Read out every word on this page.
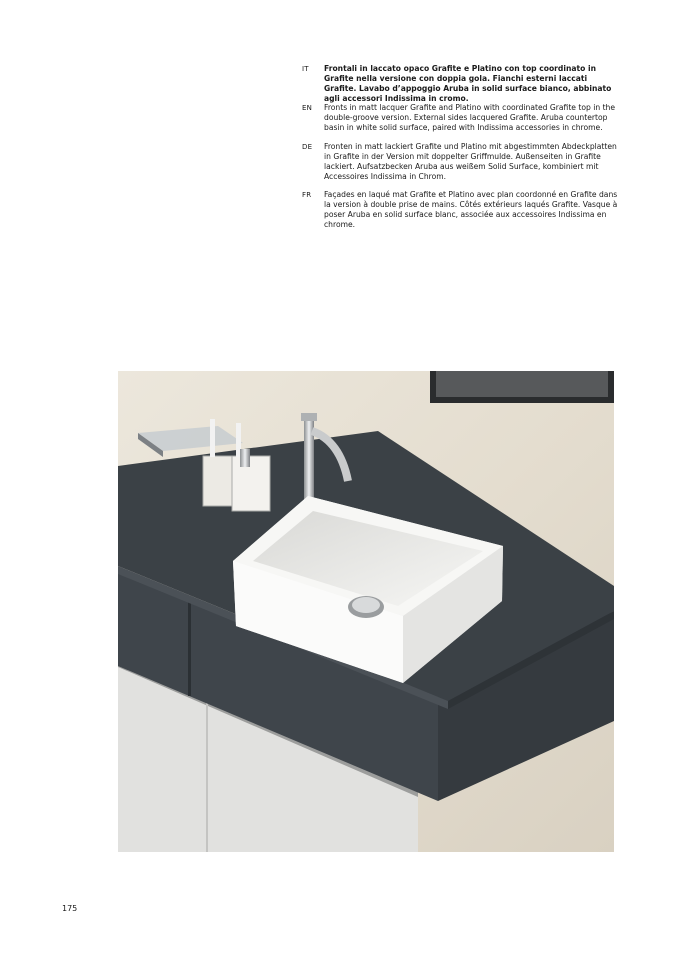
IT Frontali in laccato opaco Grafite e Platino con top coordinato in Grafite nella versione con doppia gola. Fianchi esterni laccati Grafite. Lavabo d’appoggio Aruba in solid surface bianco, abbinato agli accessori Indissima in cromo.
EN Fronts in matt lacquer Grafite and Platino with coordinated Grafite top in the double-groove version. External sides lacquered Grafite. Aruba countertop basin in white solid surface, paired with Indissima accessories in chrome.
DE Fronten in matt lackiert Grafite und Platino mit abgestimmten Abdeckplatten in Grafite in der Version mit doppelter Griffmulde. Außenseiten in Grafite lackiert. Aufsatzbecken Aruba aus weißem Solid Surface, kombiniert mit Accessoires Indissima in Chrom.
FR Façades en laqué mat Grafite et Platino avec plan coordonné en Grafite dans la version à double prise de mains. Côtés extérieurs laqués Grafite. Vasque à poser Aruba en solid surface blanc, associée aux accessoires Indissima en chrome.
175
